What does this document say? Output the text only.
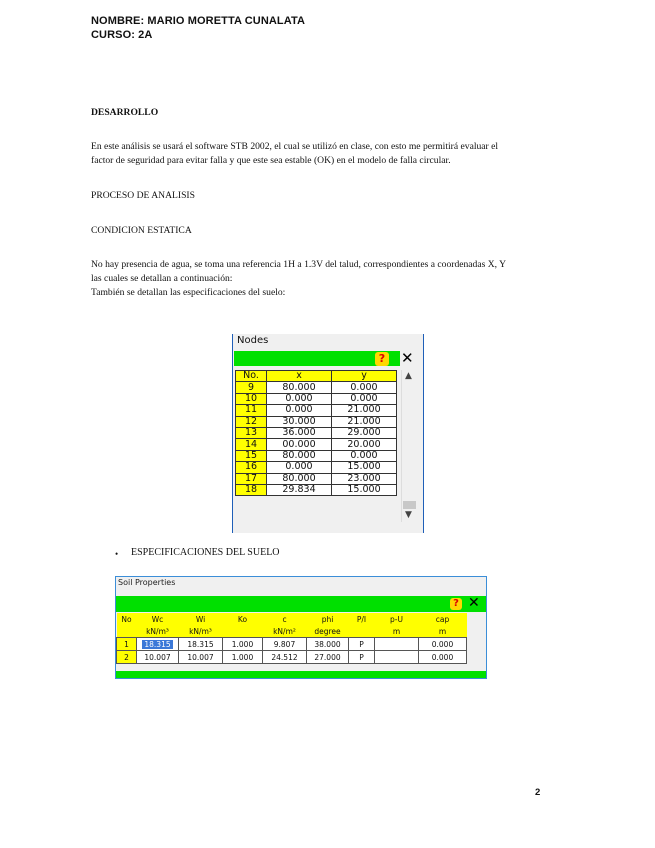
NOMBRE: MARIO MORETTA CUNALATA
CURSO: 2A
DESARROLLO
En este análisis se usará el software STB 2002, el cual se utilizó en clase, con esto me permitirá evaluar el
factor de seguridad para evitar falla y que este sea estable (OK) en el modelo de falla circular.
PROCESO DE ANALISIS
CONDICION ESTATICA
No hay presencia de agua, se toma una referencia 1H a 1.3V del talud, correspondientes a coordenadas X, Y
las cuales se detallan a continuación:
También se detallan las especificaciones del suelo:
Nodes
? ✕
No.	x	y
9	80.000	0.000
10	0.000	0.000
11	0.000	21.000
12	30.000	21.000
13	36.000	29.000
14	00.000	20.000
15	80.000	0.000
16	0.000	15.000
17	80.000	23.000
18	29.834	15.000
▲
▼
• ESPECIFICACIONES DEL SUELO
Soil Properties
? ✕
No	Wc	Wi	Ko	c	phi	P/I	p-U	cap
	kN/m³	kN/m³		kN/m²	degree		m	m
1	18.315	18.315	1.000	9.807	38.000	P		0.000
2	10.007	10.007	1.000	24.512	27.000	P		0.000
2
